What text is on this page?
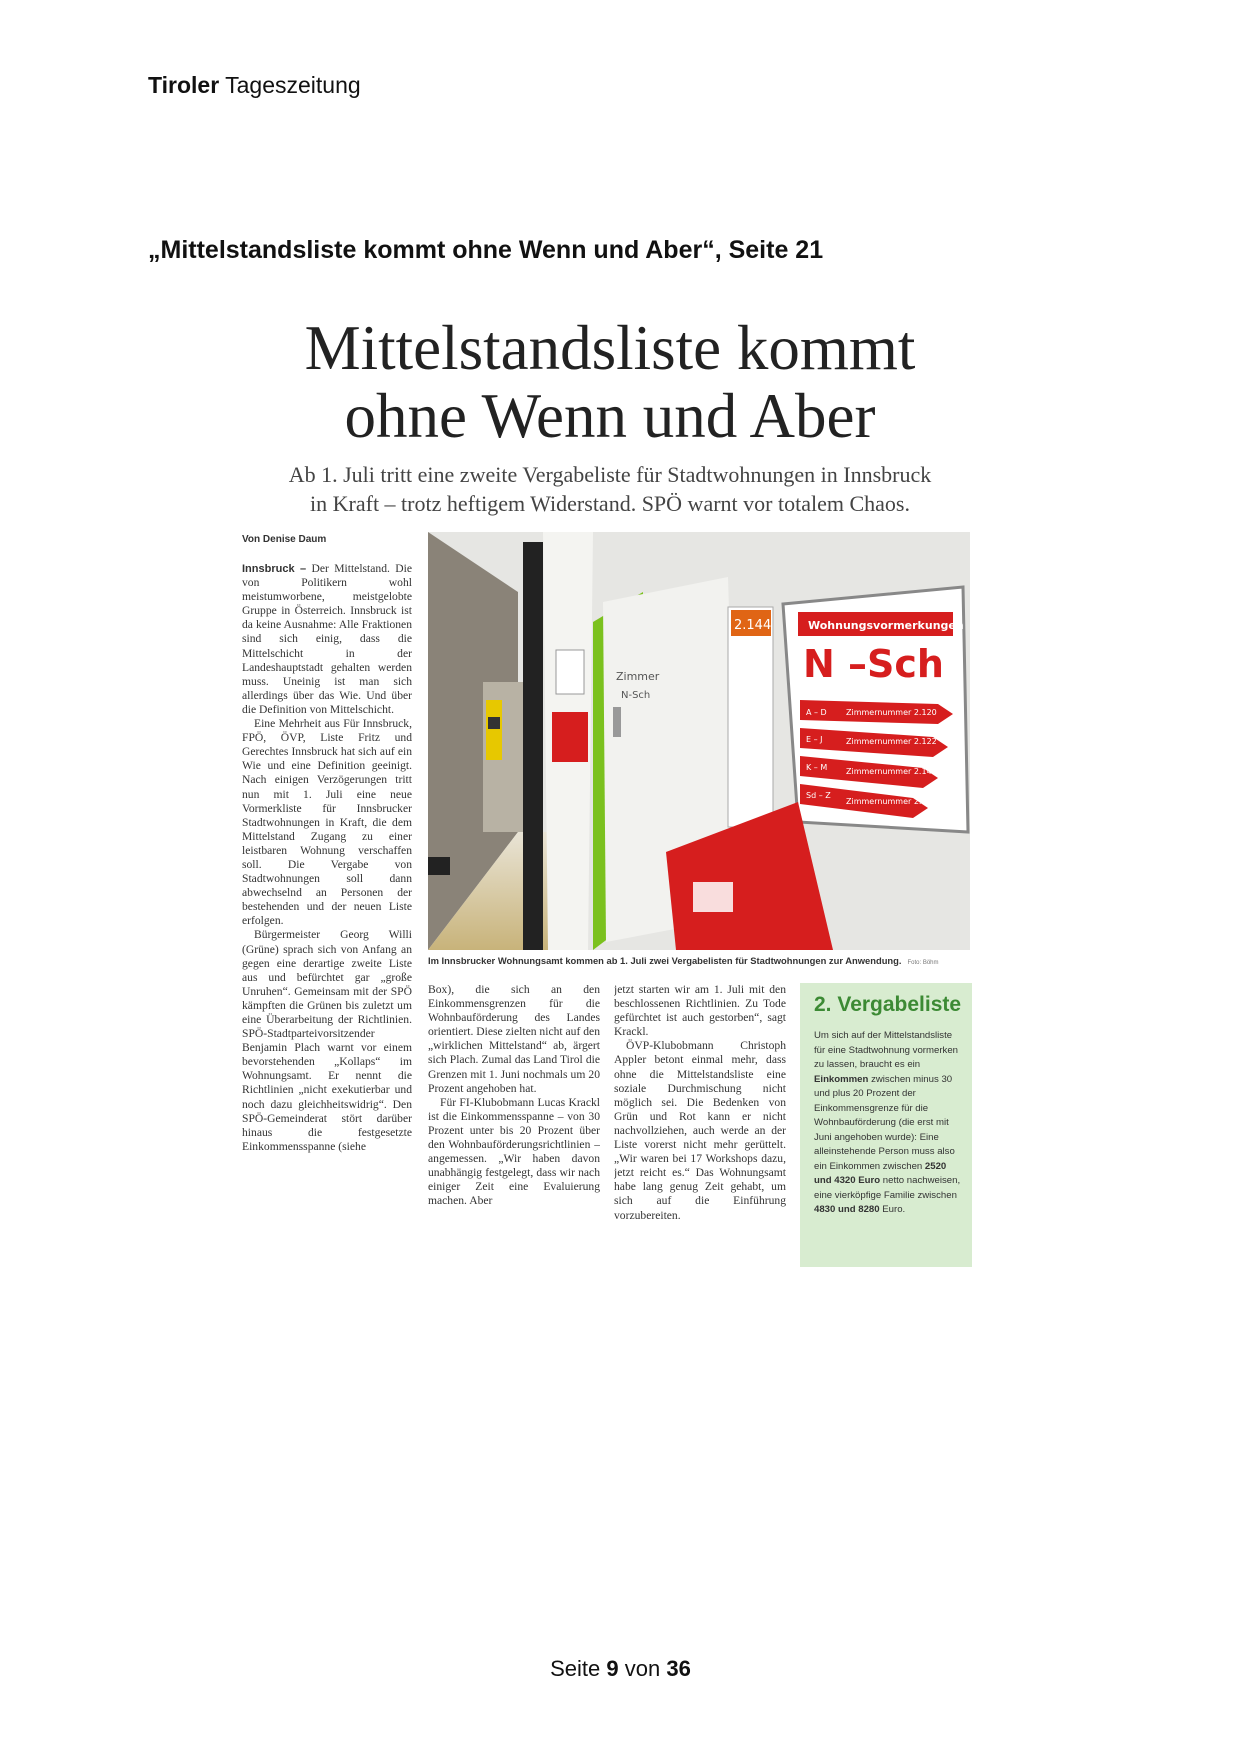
Tiroler Tageszeitung
„Mittelstandsliste kommt ohne Wenn und Aber“, Seite 21
Mittelstandsliste kommt
ohne Wenn und Aber
Ab 1. Juli tritt eine zweite Vergabeliste für Stadtwohnungen in Innsbruck
in Kraft – trotz heftigem Widerstand. SPÖ warnt vor totalem Chaos.
Von Denise Daum

Innsbruck – Der Mittelstand. Die von Politikern wohl meistumworbene, meistgelobte Gruppe in Österreich. Innsbruck ist da keine Ausnahme: Alle Fraktionen sind sich einig, dass die Mittelschicht in der Landeshauptstadt gehalten werden muss. Uneinig ist man sich allerdings über das Wie. Und über die Definition von Mittelschicht.

Eine Mehrheit aus Für Innsbruck, FPÖ, ÖVP, Liste Fritz und Gerechtes Innsbruck hat sich auf ein Wie und eine Definition geeinigt. Nach einigen Verzögerungen tritt nun mit 1. Juli eine neue Vormerkliste für Innsbrucker Stadtwohnungen in Kraft, die dem Mittelstand Zugang zu einer leistbaren Wohnung verschaffen soll. Die Vergabe von Stadtwohnungen soll dann abwechselnd an Personen der bestehenden und der neuen Liste erfolgen.

Bürgermeister Georg Willi (Grüne) sprach sich von Anfang an gegen eine derartige zweite Liste aus und befürchtet gar „große Unruhen“. Gemeinsam mit der SPÖ kämpften die Grünen bis zuletzt um eine Überarbeitung der Richtlinien. SPÖ-Stadtparteivorsitzender Benjamin Plach warnt vor einem bevorstehenden „Kollaps“ im Wohnungsamt. Er nennt die Richtlinien „nicht exekutierbar und noch dazu gleichheitswidrig“. Den SPÖ-Gemeinderat stört darüber hinaus die festgesetzte Einkommensspanne (siehe

Zimmer
N-Sch
2.144	Wohnungsvormerkungen
N –Sch
A – D Zimmernummer 2.120
E – J	Zimmernummer 2.122
K – M Zimmernummer 2.142
Sd – Z
Zimmernummer 2.146
Im Innsbrucker Wohnungsamt kommen ab 1. Juli zwei Vergabelisten für Stadtwohnungen zur Anwendung. Foto: Böhm

Box), die sich an den Einkommensgrenzen für die Wohnbauförderung des Landes orientiert. Diese zielten nicht auf den „wirklichen Mittelstand“ ab, ärgert sich Plach. Zumal das Land Tirol die Grenzen mit 1. Juni nochmals um 20 Prozent angehoben hat.

Für FI-Klubobmann Lucas Krackl ist die Einkommensspanne – von 30 Prozent unter bis 20 Prozent über den Wohnbauförderungsrichtlinien – angemessen. „Wir haben davon unabhängig festgelegt, dass wir nach einiger Zeit eine Evaluierung machen. Aber

jetzt starten wir am 1. Juli mit den beschlossenen Richtlinien. Zu Tode gefürchtet ist auch gestorben“, sagt Krackl.

ÖVP-Klubobmann Christoph Appler betont einmal mehr, dass ohne die Mittelstandsliste eine soziale Durchmischung nicht möglich sei. Die Bedenken von Grün und Rot kann er nicht nachvollziehen, auch werde an der Liste vorerst nicht mehr gerüttelt. „Wir waren bei 17 Workshops dazu, jetzt reicht es.“ Das Wohnungsamt habe lang genug Zeit gehabt, um sich auf die Einführung vorzubereiten.

2. Vergabeliste
Um sich auf der Mittelstandsliste für eine Stadtwohnung vormerken zu lassen, braucht es ein Einkommen zwischen minus 30 und plus 20 Prozent der Einkommensgrenze für die Wohnbauförderung (die erst mit Juni angehoben wurde): Eine alleinstehende Person muss also ein Einkommen zwischen 2520 und 4320 Euro netto nachweisen, eine vierköpfige Familie zwischen 4830 und 8280 Euro.
Seite 9 von 36
